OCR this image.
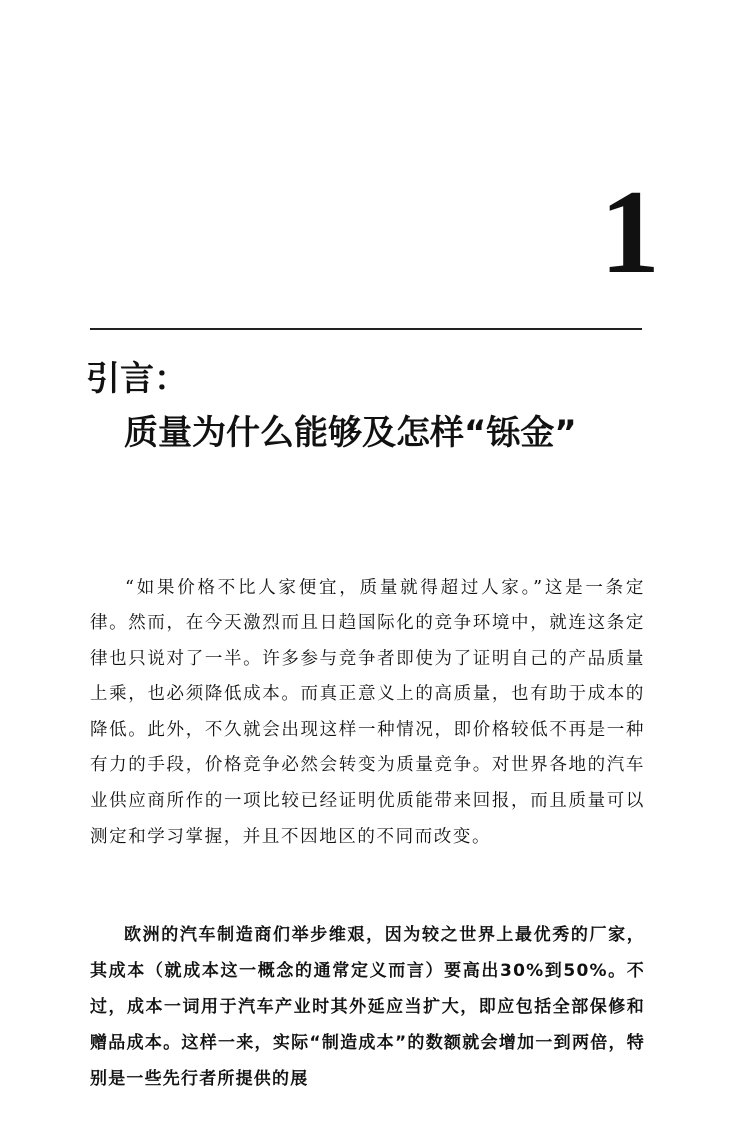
1
引言：
质量为什么能够及怎样“铄金”

“如果价格不比人家便宜，质量就得超过人家。”这是一条定律。然而，在今天激烈而且日趋国际化的竞争环境中，就连这条定律也只说对了一半。许多参与竞争者即使为了证明自己的产品质量上乘，也必须降低成本。而真正意义上的高质量，也有助于成本的降低。此外，不久就会出现这样一种情况，即价格较低不再是一种有力的手段，价格竞争必然会转变为质量竞争。对世界各地的汽车业供应商所作的一项比较已经证明优质能带来回报，而且质量可以测定和学习掌握，并且不因地区的不同而改变。

欧洲的汽车制造商们举步维艰，因为较之世界上最优秀的厂家，其成本（就成本这一概念的通常定义而言）要高出30%到50%。不过，成本一词用于汽车产业时其外延应当扩大，即应包括全部保修和赠品成本。这样一来，实际“制造成本”的数额就会增加一到两倍，特别是一些先行者所提供的展
